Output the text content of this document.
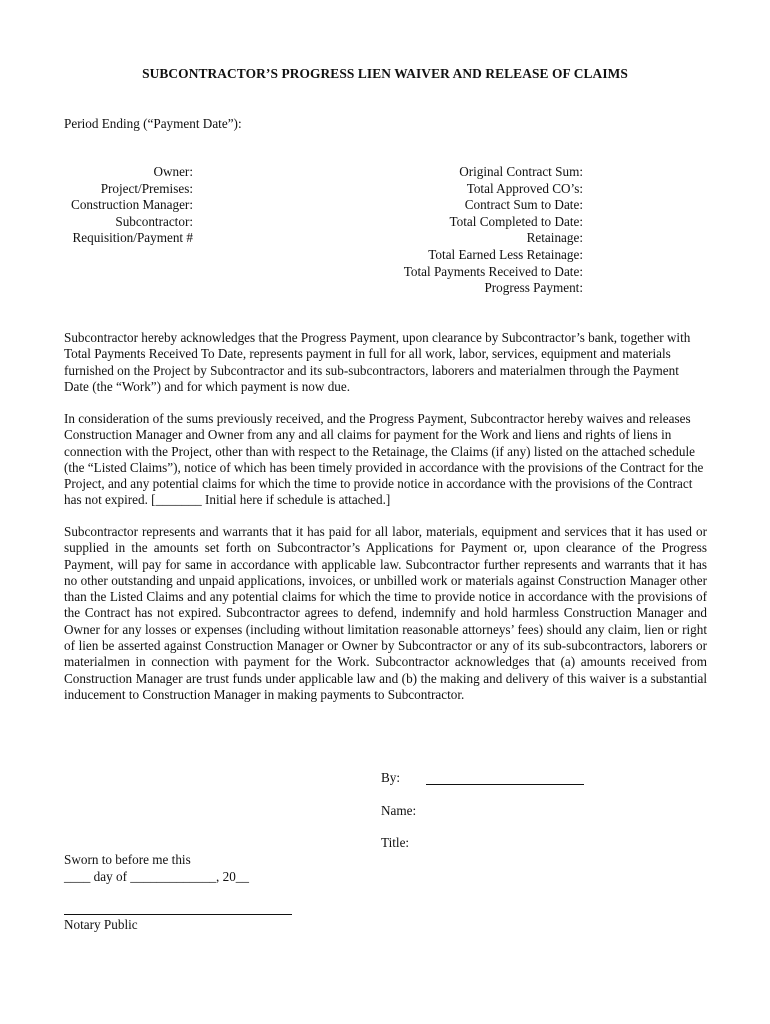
SUBCONTRACTOR’S PROGRESS LIEN WAIVER AND RELEASE OF CLAIMS
Period Ending (“Payment Date”):
Owner:
Project/Premises:
Construction Manager:
Subcontractor:
Requisition/Payment #
Original Contract Sum:
Total Approved CO’s:
Contract Sum to Date:
Total Completed to Date:
Retainage:
Total Earned Less Retainage:
Total Payments Received to Date:
Progress Payment:

Subcontractor hereby acknowledges that the Progress Payment, upon clearance by Subcontractor’s bank, together with Total Payments Received To Date, represents payment in full for all work, labor, services, equipment and materials furnished on the Project by Subcontractor and its sub-subcontractors, laborers and materialmen through the Payment Date (the “Work”) and for which payment is now due.

In consideration of the sums previously received, and the Progress Payment, Subcontractor hereby waives and releases Construction Manager and Owner from any and all claims for payment for the Work and liens and rights of liens in connection with the Project, other than with respect to the Retainage, the Claims (if any) listed on the attached schedule (the “Listed Claims”), notice of which has been timely provided in accordance with the provisions of the Contract for the Project, and any potential claims for which the time to provide notice in accordance with the provisions of the Contract has not expired. [_______ Initial here if schedule is attached.]

Subcontractor represents and warrants that it has paid for all labor, materials, equipment and services that it has used or supplied in the amounts set forth on Subcontractor’s Applications for Payment or, upon clearance of the Progress Payment, will pay for same in accordance with applicable law. Subcontractor further represents and warrants that it has no other outstanding and unpaid applications, invoices, or unbilled work or materials against Construction Manager other than the Listed Claims and any potential claims for which the time to provide notice in accordance with the provisions of the Contract has not expired. Subcontractor agrees to defend, indemnify and hold harmless Construction Manager and Owner for any losses or expenses (including without limitation reasonable attorneys’ fees) should any claim, lien or right of lien be asserted against Construction Manager or Owner by Subcontractor or any of its sub-subcontractors, laborers or materialmen in connection with payment for the Work. Subcontractor acknowledges that (a) amounts received from Construction Manager are trust funds under applicable law and (b) the making and delivery of this waiver is a substantial inducement to Construction Manager in making payments to Subcontractor.

By:
Name:
Title:
Sworn to before me this
____ day of _____________, 20__
Notary Public
